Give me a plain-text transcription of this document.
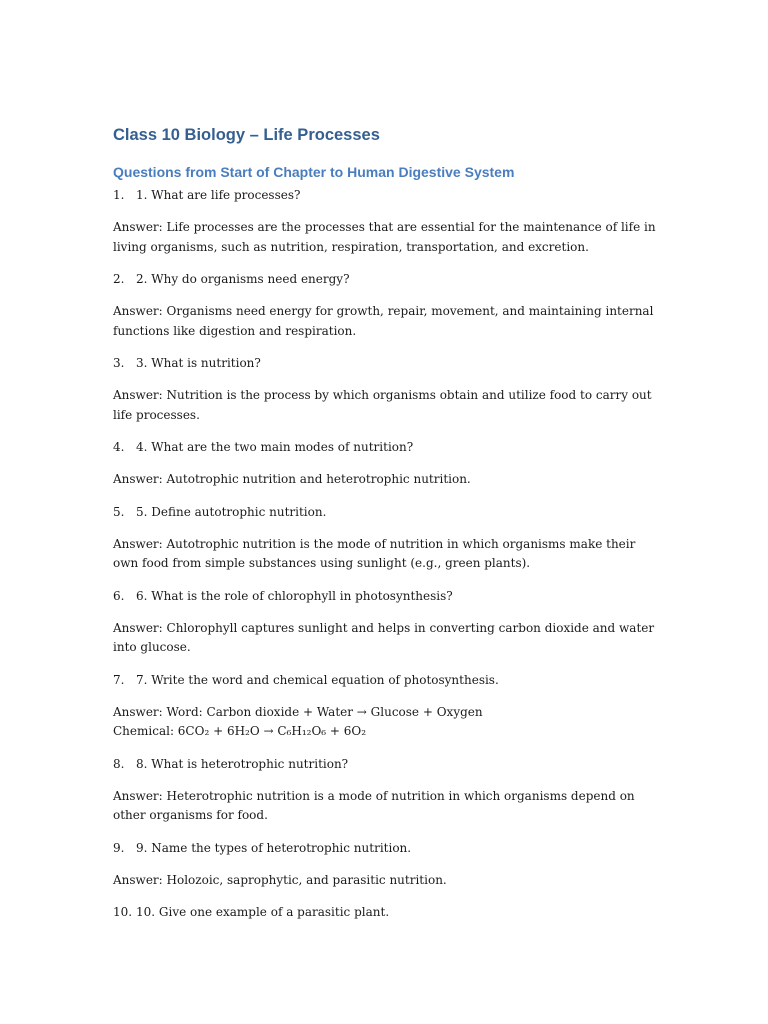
Class 10 Biology – Life Processes
Questions from Start of Chapter to Human Digestive System
1. 1. What are life processes?

Answer: Life processes are the processes that are essential for the maintenance of life in living organisms, such as nutrition, respiration, transportation, and excretion.

2. 2. Why do organisms need energy?

Answer: Organisms need energy for growth, repair, movement, and maintaining internal functions like digestion and respiration.

3. 3. What is nutrition?

Answer: Nutrition is the process by which organisms obtain and utilize food to carry out life processes.

4. 4. What are the two main modes of nutrition?

Answer: Autotrophic nutrition and heterotrophic nutrition.

5. 5. Define autotrophic nutrition.

Answer: Autotrophic nutrition is the mode of nutrition in which organisms make their own food from simple substances using sunlight (e.g., green plants).

6. 6. What is the role of chlorophyll in photosynthesis?

Answer: Chlorophyll captures sunlight and helps in converting carbon dioxide and water into glucose.

7. 7. Write the word and chemical equation of photosynthesis.

Answer: Word: Carbon dioxide + Water → Glucose + Oxygen
Chemical: 6CO₂ + 6H₂O → C₆H₁₂O₆ + 6O₂

8. 8. What is heterotrophic nutrition?

Answer: Heterotrophic nutrition is a mode of nutrition in which organisms depend on other organisms for food.

9. 9. Name the types of heterotrophic nutrition.

Answer: Holozoic, saprophytic, and parasitic nutrition.

10. 10. Give one example of a parasitic plant.
